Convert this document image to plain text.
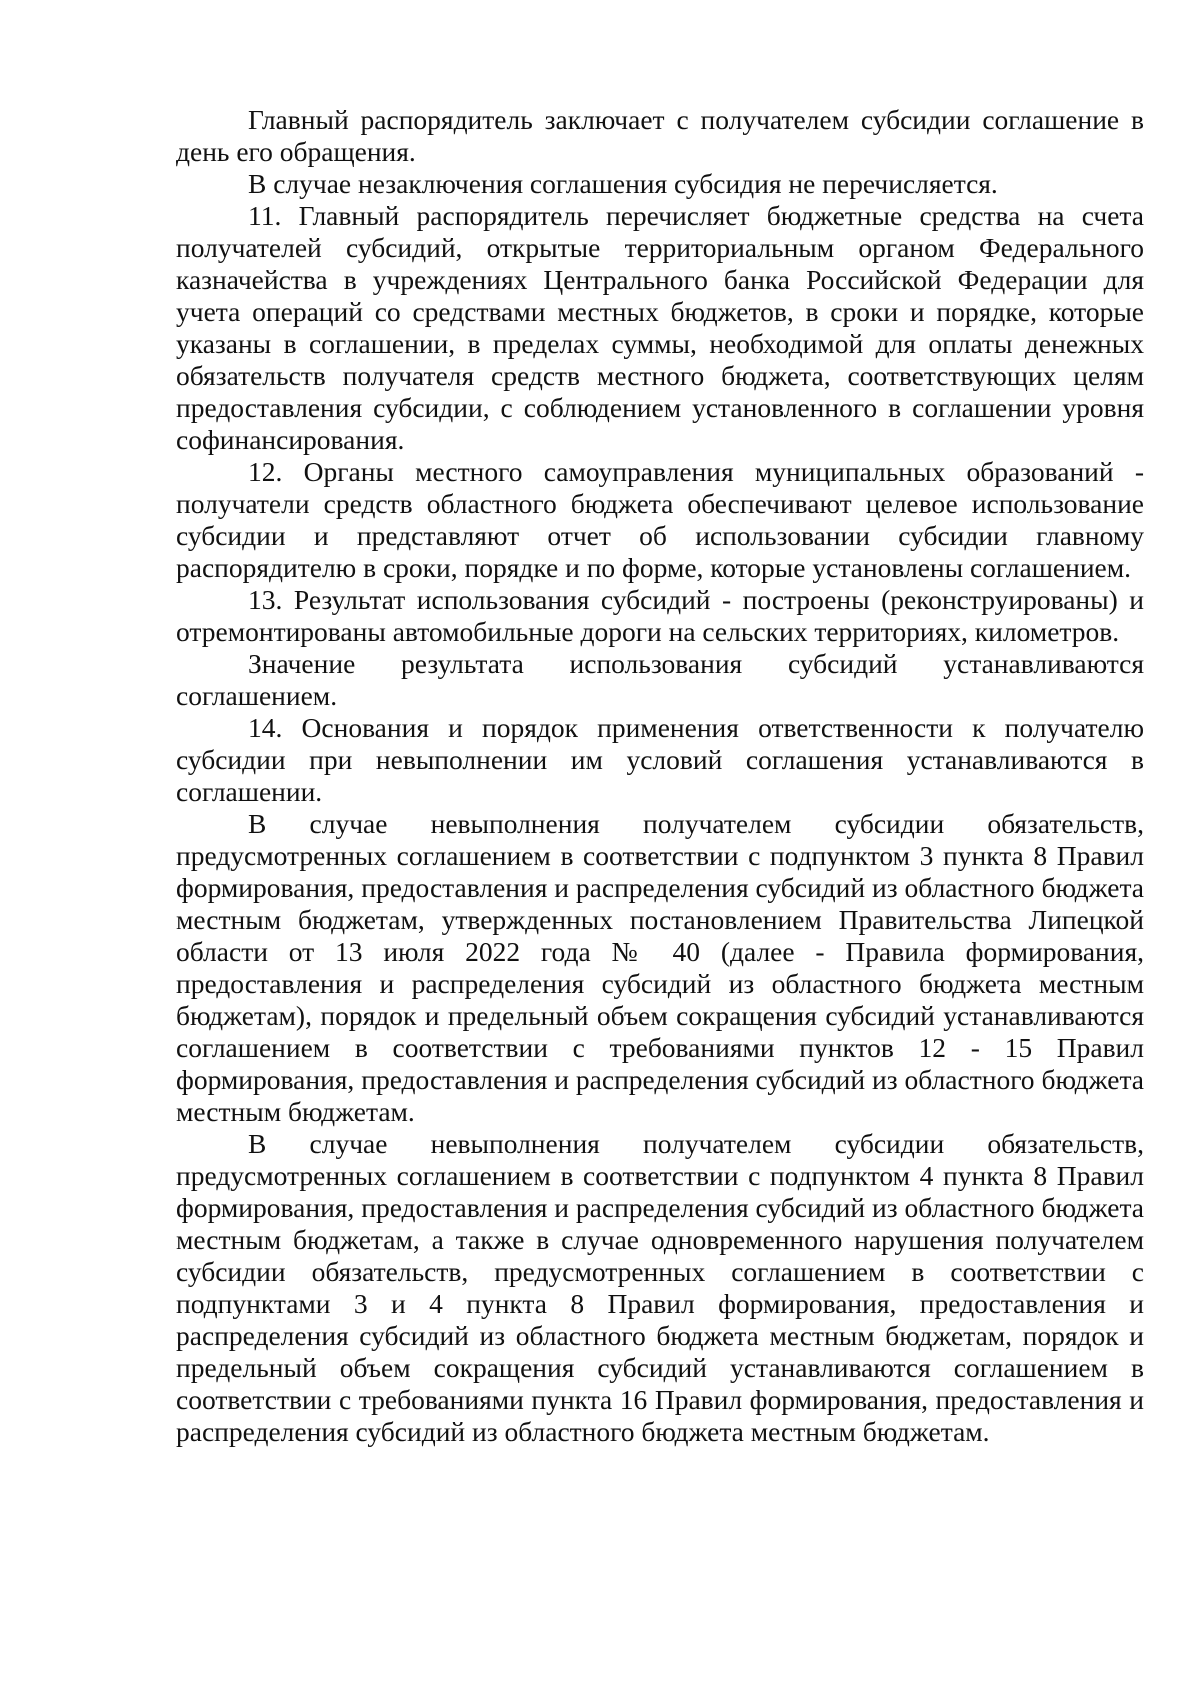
Главный распорядитель заключает с получателем субсидии соглашение в день его обращения.

В случае незаключения соглашения субсидия не перечисляется.

11. Главный распорядитель перечисляет бюджетные средства на счета получателей субсидий, открытые территориальным органом Федерального казначейства в учреждениях Центрального банка Российской Федерации для учета операций со средствами местных бюджетов, в сроки и порядке, которые указаны в соглашении, в пределах суммы, необходимой для оплаты денежных обязательств получателя средств местного бюджета, соответствующих целям предоставления субсидии, с соблюдением установленного в соглашении уровня софинансирования.

12. Органы местного самоуправления муниципальных образований - получатели средств областного бюджета обеспечивают целевое использование субсидии и представляют отчет об использовании субсидии главному распорядителю в сроки, порядке и по форме, которые установлены соглашением.

13. Результат использования субсидий - построены (реконструированы) и отремонтированы автомобильные дороги на сельских территориях, километров.

Значение результата использования субсидий устанавливаются соглашением.

14. Основания и порядок применения ответственности к получателю субсидии при невыполнении им условий соглашения устанавливаются в соглашении.

В случае невыполнения получателем субсидии обязательств, предусмотренных соглашением в соответствии с подпунктом 3 пункта 8 Правил формирования, предоставления и распределения субсидий из областного бюджета местным бюджетам, утвержденных постановлением Правительства Липецкой области от 13 июля 2022 года № 40 (далее - Правила формирования, предоставления и распределения субсидий из областного бюджета местным бюджетам), порядок и предельный объем сокращения субсидий устанавливаются соглашением в соответствии с требованиями пунктов 12 - 15 Правил формирования, предоставления и распределения субсидий из областного бюджета местным бюджетам.

В случае невыполнения получателем субсидии обязательств, предусмотренных соглашением в соответствии с подпунктом 4 пункта 8 Правил формирования, предоставления и распределения субсидий из областного бюджета местным бюджетам, а также в случае одновременного нарушения получателем субсидии обязательств, предусмотренных соглашением в соответствии с подпунктами 3 и 4 пункта 8 Правил формирования, предоставления и распределения субсидий из областного бюджета местным бюджетам, порядок и предельный объем сокращения субсидий устанавливаются соглашением в соответствии с требованиями пункта 16 Правил формирования, предоставления и распределения субсидий из областного бюджета местным бюджетам.
